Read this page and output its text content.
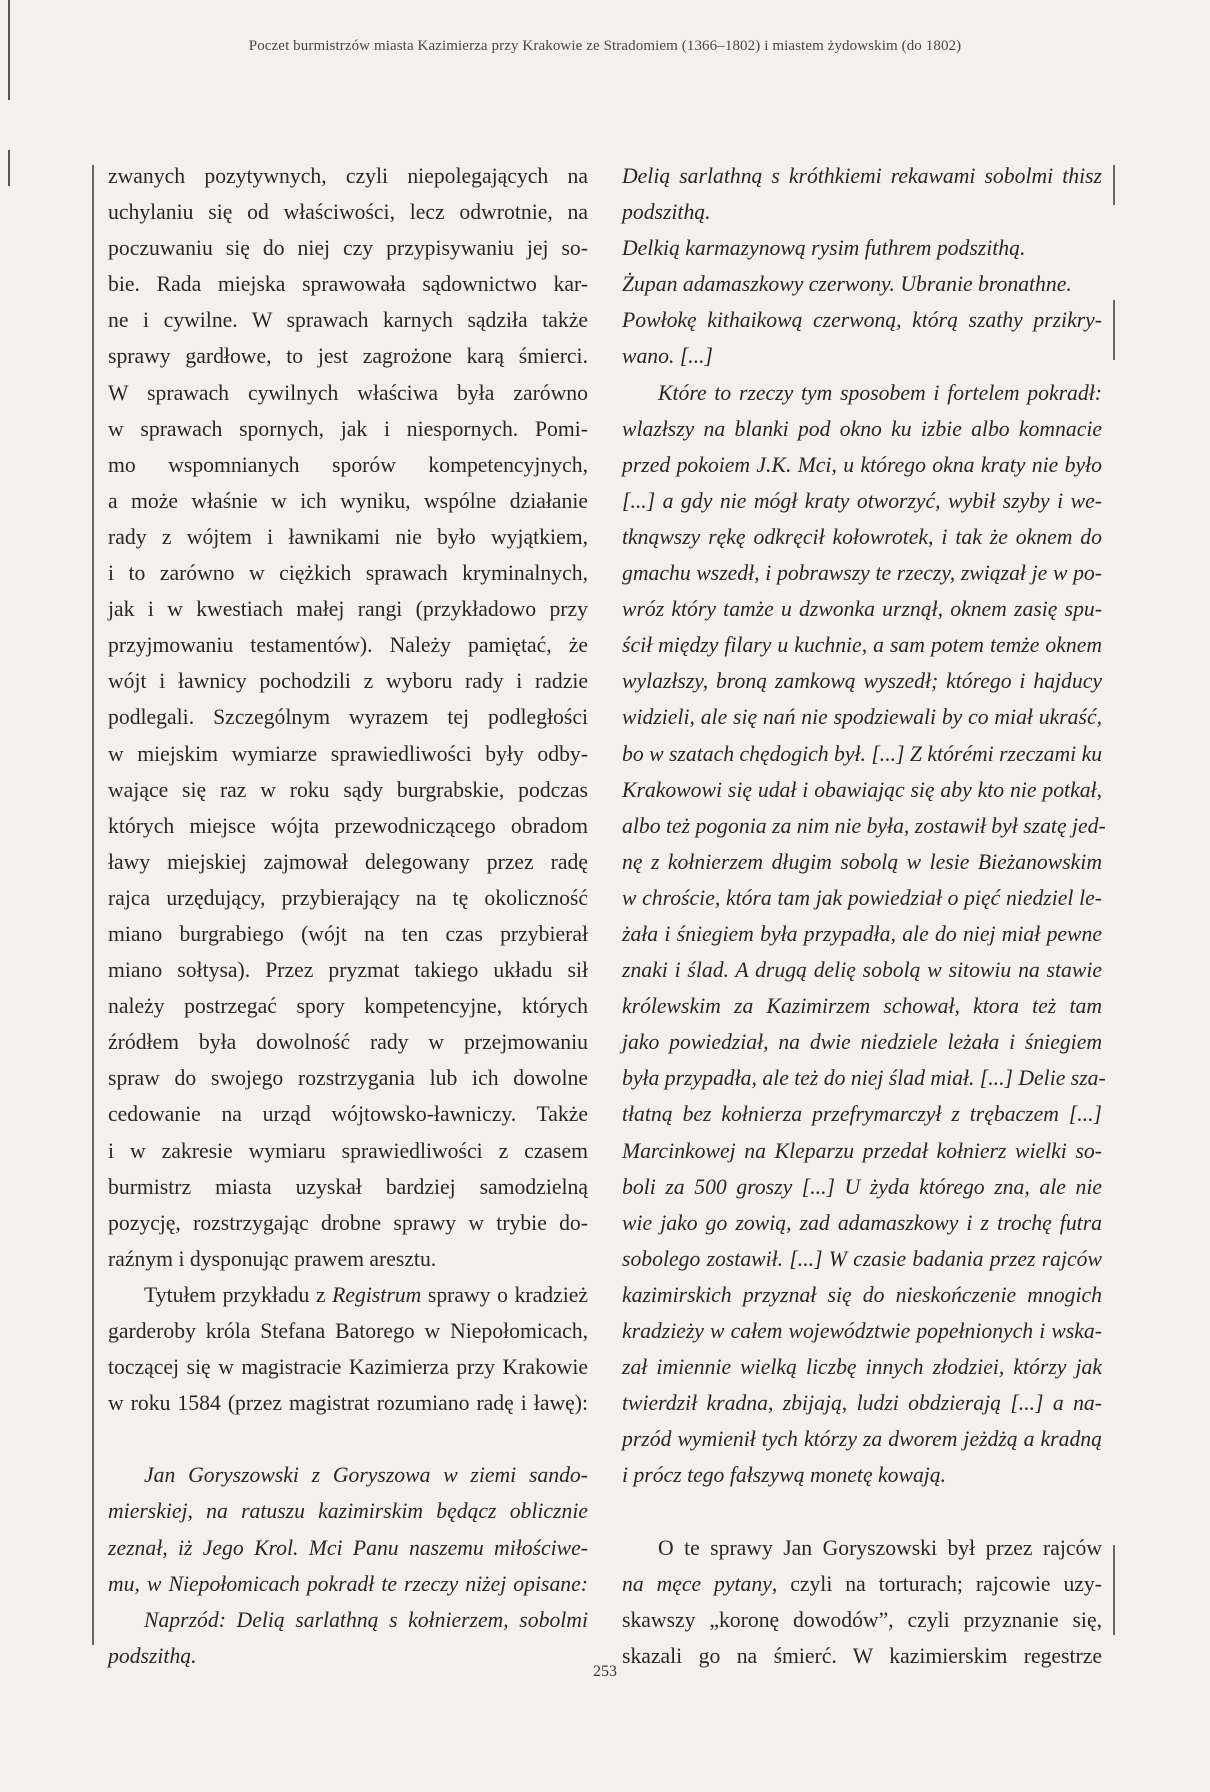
Poczet burmistrzów miasta Kazimierza przy Krakowie ze Stradomiem (1366–1802) i miastem żydowskim (do 1802)
zwanych pozytywnych, czyli niepolegających na
uchylaniu się od właściwości, lecz odwrotnie, na
poczuwaniu się do niej czy przypisywaniu jej so-
bie. Rada miejska sprawowała sądownictwo kar-
ne i cywilne. W sprawach karnych sądziła także
sprawy gardłowe, to jest zagrożone karą śmierci.
W sprawach cywilnych właściwa była zarówno
w sprawach spornych, jak i niespornych. Pomi-
mo wspomnianych sporów kompetencyjnych,
a może właśnie w ich wyniku, wspólne działanie
rady z wójtem i ławnikami nie było wyjątkiem,
i to zarówno w ciężkich sprawach kryminalnych,
jak i w kwestiach małej rangi (przykładowo przy
przyjmowaniu testamentów). Należy pamiętać, że
wójt i ławnicy pochodzili z wyboru rady i radzie
podlegali. Szczególnym wyrazem tej podległości
w miejskim wymiarze sprawiedliwości były odby-
wające się raz w roku sądy burgrabskie, podczas
których miejsce wójta przewodniczącego obradom
ławy miejskiej zajmował delegowany przez radę
rajca urzędujący, przybierający na tę okoliczność
miano burgrabiego (wójt na ten czas przybierał
miano sołtysa). Przez pryzmat takiego układu sił
należy postrzegać spory kompetencyjne, których
źródłem była dowolność rady w przejmowaniu
spraw do swojego rozstrzygania lub ich dowolne
cedowanie na urząd wójtowsko-ławniczy. Także
i w zakresie wymiaru sprawiedliwości z czasem
burmistrz miasta uzyskał bardziej samodzielną
pozycję, rozstrzygając drobne sprawy w trybie do-
raźnym i dysponując prawem aresztu.
Tytułem przykładu z Registrum sprawy o kradzież
garderoby króla Stefana Batorego w Niepołomicach,
toczącej się w magistracie Kazimierza przy Krakowie
w roku 1584 (przez magistrat rozumiano radę i ławę):
Jan Goryszowski z Goryszowa w ziemi sando-
mierskiej, na ratuszu kazimirskim będącz oblicznie
zeznał, iż Jego Krol. Mci Panu naszemu miłościwe-
mu, w Niepołomicach pokradł te rzeczy niżej opisane:
Naprzód: Delią sarlathną s kołnierzem, sobolmi
podszithą.
Delią sarlathną s króthkiemi rekawami sobolmi thisz
podszithą.
Delkią karmazynową rysim futhrem podszithą.
Żupan adamaszkowy czerwony. Ubranie bronathne.
Powłokę kithaikową czerwoną, którą szathy przikry-
wano. [...]
Które to rzeczy tym sposobem i fortelem pokradł:
wlazłszy na blanki pod okno ku izbie albo komnacie
przed pokoiem J.K. Mci, u którego okna kraty nie było
[...] a gdy nie mógł kraty otworzyć, wybił szyby i we-
tknąwszy rękę odkręcił kołowrotek, i tak że oknem do
gmachu wszedł, i pobrawszy te rzeczy, związał je w po-
wróz który tamże u dzwonka urznął, oknem zasię spu-
ścił między filary u kuchnie, a sam potem temże oknem
wylazłszy, broną zamkową wyszedł; którego i hajducy
widzieli, ale się nań nie spodziewali by co miał ukraść,
bo w szatach chędogich był. [...] Z którémi rzeczami ku
Krakowowi się udał i obawiając się aby kto nie potkał,
albo też pogonia za nim nie była, zostawił był szatę jed-
nę z kołnierzem długim sobolą w lesie Bieżanowskim
w chroście, która tam jak powiedział o pięć niedziel le-
żała i śniegiem była przypadła, ale do niej miał pewne
znaki i ślad. A drugą delię sobolą w sitowiu na stawie
królewskim za Kazimirzem schował, ktora też tam
jako powiedział, na dwie niedziele leżała i śniegiem
była przypadła, ale też do niej ślad miał. [...] Delie sza-
tłatną bez kołnierza przefrymarczył z trębaczem [...]
Marcinkowej na Kleparzu przedał kołnierz wielki so-
boli za 500 groszy [...] U żyda którego zna, ale nie
wie jako go zowią, zad adamaszkowy i z trochę futra
sobolego zostawił. [...] W czasie badania przez rajców
kazimirskich przyznał się do nieskończenie mnogich
kradzieży w całem województwie popełnionych i wska-
zał imiennie wielką liczbę innych złodziei, którzy jak
twierdził kradna, zbijają, ludzi obdzierają [...] a na-
przód wymienił tych którzy za dworem jeżdżą a kradną
i prócz tego fałszywą monetę kowają.
O te sprawy Jan Goryszowski był przez rajców
na męce pytany, czyli na torturach; rajcowie uzy-
skawszy „koronę dowodów”, czyli przyznanie się,
skazali go na śmierć. W kazimierskim regestrze
253
